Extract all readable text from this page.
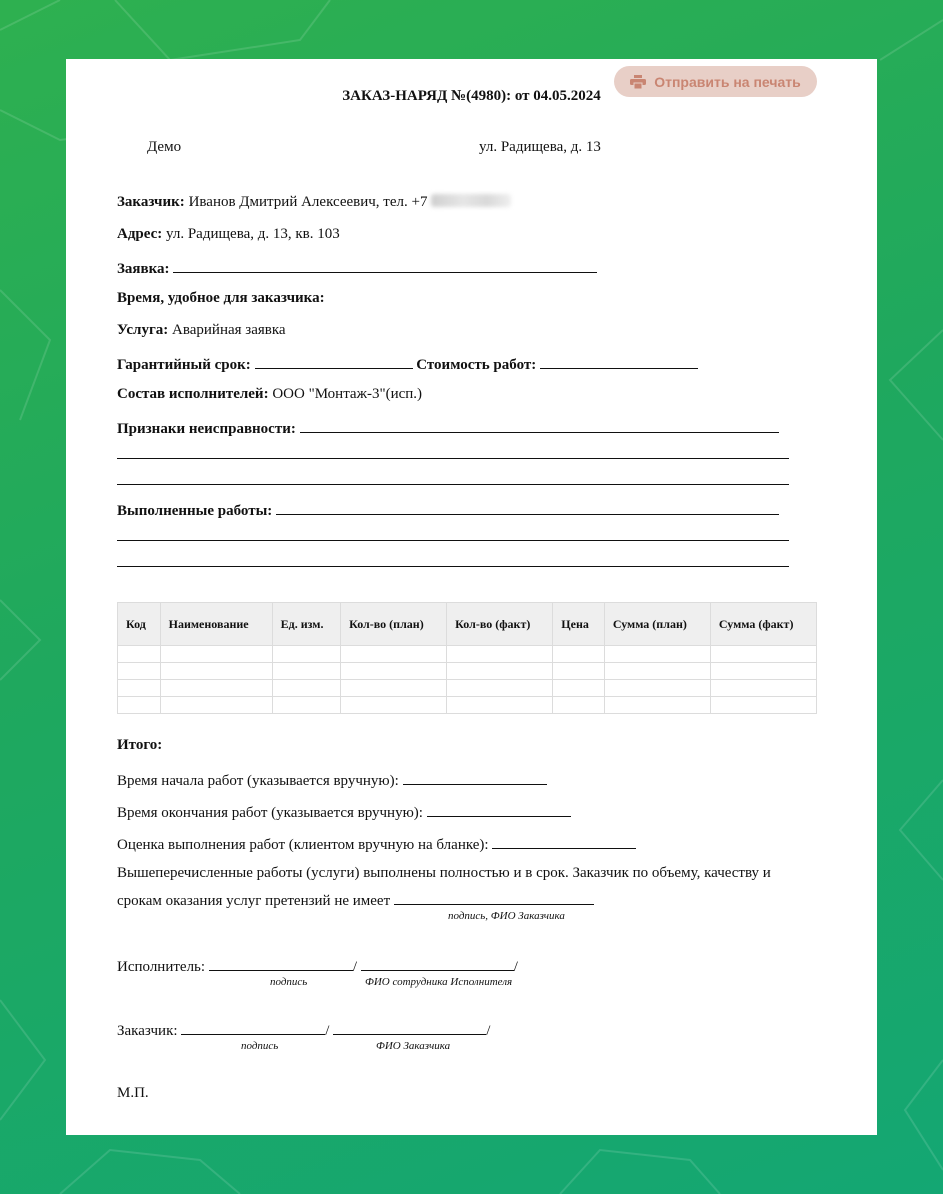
Отправить на печать
ЗАКАЗ-НАРЯД №(4980): от 04.05.2024
Демо	ул. Радищева, д. 13
Заказчик: Иванов Дмитрий Алексеевич, тел. +7
Адрес: ул. Радищева, д. 13, кв. 103
Заявка:
Время, удобное для заказчика:
Услуга: Аварийная заявка
Гарантийный срок:	Стоимость работ:
Состав исполнителей: ООО "Монтаж-3"(исп.)
Признаки неисправности:
Выполненные работы:
Код	Наименование	Ед. изм.	Кол-во (план)	Кол-во (факт)	Цена	Сумма (план)	Сумма (факт)

Итого:
Время начала работ (указывается вручную):
Время окончания работ (указывается вручную):
Оценка выполнения работ (клиентом вручную на бланке):
Вышеперечисленные работы (услуги) выполнены полностью и в срок. Заказчик по объему, качеству и
срокам оказания услуг претензий не имеет
подпись, ФИО Заказчика
Исполнитель:	/	/
подпись	ФИО сотрудника Исполнителя
Заказчик:	/	/
подпись	ФИО Заказчика
М.П.
